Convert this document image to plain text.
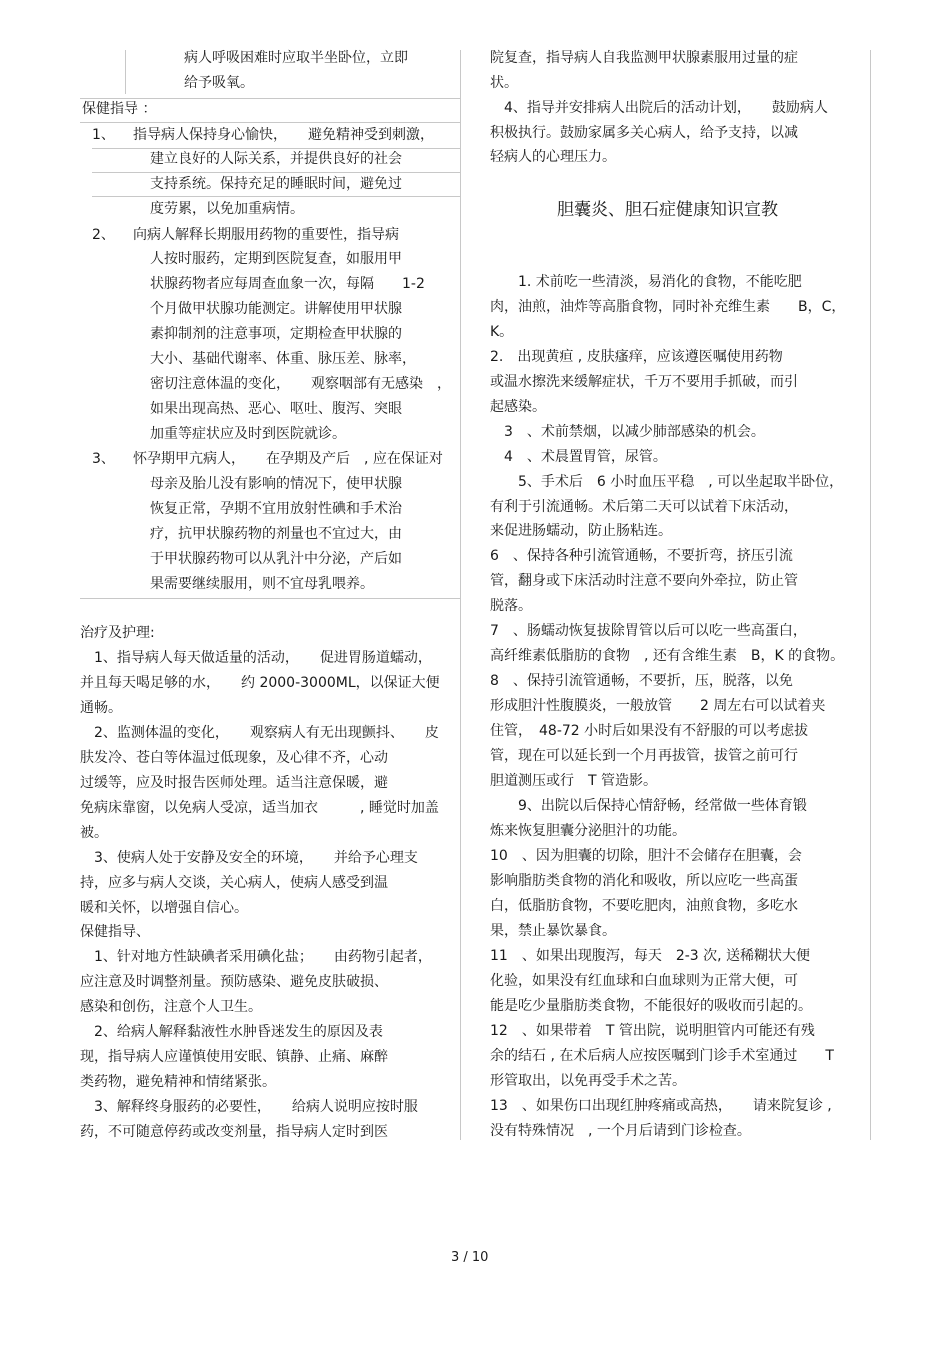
病人呼吸困难时应取半坐卧位，立即
给予吸氧。
保健指导 ：
1、 指导病人保持身心愉快，　　避免精神受到刺激，
建立良好的人际关系，并提供良好的社会
支持系统。保持充足的睡眠时间，避免过
度劳累，以免加重病情。
2、 向病人解释长期服用药物的重要性，指导病
人按时服药，定期到医院复查，如服用甲
状腺药物者应每周查血象一次，每隔　　1-2
个月做甲状腺功能测定。讲解使用甲状腺
素抑制剂的注意事项，定期检查甲状腺的
大小、基础代谢率、体重、脉压差、脉率，
密切注意体温的变化，　　观察咽部有无感染　，
如果出现高热、恶心、呕吐、腹泻、突眼
加重等症状应及时到医院就诊。
3、 怀孕期甲亢病人，　　在孕期及产后　, 应在保证对
母亲及胎儿没有影响的情况下，使甲状腺
恢复正常，孕期不宜用放射性碘和手术治
疗，抗甲状腺药物的剂量也不宜过大，由
于甲状腺药物可以从乳汁中分泌，产后如
果需要继续服用，则不宜母乳喂养。
治疗及护理:
　1、指导病人每天做适量的活动，　　促进胃肠道蠕动，
并且每天喝足够的水，　　约 2000-3000ML，以保证大便
通畅。
　2、监测体温的变化，　　观察病人有无出现颤抖、　　皮
肤发冷、苍白等体温过低现象，及心律不齐，心动
过缓等，应及时报告医师处理。适当注意保暖，避
免病床靠窗，以免病人受凉，适当加衣　　　, 睡觉时加盖
被。
　3、使病人处于安静及安全的环境，　　并给予心理支
持，应多与病人交谈，关心病人，使病人感受到温
暖和关怀，以增强自信心。
保健指导、
　1、针对地方性缺碘者采用碘化盐；　　由药物引起者，
应注意及时调整剂量。预防感染、避免皮肤破损、
感染和创伤，注意个人卫生。
　2、给病人解释黏液性水肿昏迷发生的原因及表
现，指导病人应谨慎使用安眠、镇静、止痛、麻醉
类药物，避免精神和情绪紧张。
　3、解释终身服药的必要性，　　给病人说明应按时服
药，不可随意停药或改变剂量，指导病人定时到医
院复查，指导病人自我监测甲状腺素服用过量的症
状。
　4、指导并安排病人出院后的活动计划，　　鼓励病人
积极执行。鼓励家属多关心病人，给予支持，以减
轻病人的心理压力。
胆囊炎、胆石症健康知识宣教
　　1. 术前吃一些清淡，易消化的食物，不能吃肥
肉，油煎，油炸等高脂食物，同时补充维生素　　B，C，
K。
2.　出现黄疸 , 皮肤瘙痒，应该遵医嘱使用药物
或温水擦洗来缓解症状，千万不要用手抓破，而引
起感染。
　3　、术前禁烟，以减少肺部感染的机会。
　4　、术晨置胃管，尿管。
　　5、手术后　6 小时血压平稳　, 可以坐起取半卧位，
有利于引流通畅。术后第二天可以试着下床活动，
来促进肠蠕动，防止肠粘连。
6　、保持各种引流管通畅，不要折弯，挤压引流
管，翻身或下床活动时注意不要向外牵拉，防止管
脱落。
7　、肠蠕动恢复拔除胃管以后可以吃一些高蛋白，
高纤维素低脂肪的食物　, 还有含维生素　B，K 的食物。
8　、保持引流管通畅，不要折，压，脱落，以免
形成胆汁性腹膜炎，一般放管　　2 周左右可以试着夹
住管，　48-72 小时后如果没有不舒服的可以考虑拔
管，现在可以延长到一个月再拔管，拔管之前可行
胆道测压或行　T 管造影。
　　9、出院以后保持心情舒畅，经常做一些体育锻
炼来恢复胆囊分泌胆汁的功能。
10　、因为胆囊的切除，胆汁不会储存在胆囊，会
影响脂肪类食物的消化和吸收，所以应吃一些高蛋
白，低脂肪食物，不要吃肥肉，油煎食物，多吃水
果，禁止暴饮暴食。
11　、如果出现腹泻，每天　2-3 次, 送稀糊状大便
化验，如果没有红血球和白血球则为正常大便，可
能是吃少量脂肪类食物，不能很好的吸收而引起的。
12　、如果带着　T 管出院，说明胆管内可能还有残
余的结石 , 在术后病人应按医嘱到门诊手术室通过　　T
形管取出，以免再受手术之苦。
13　、如果伤口出现红肿疼痛或高热，　　请来院复诊 ,
没有特殊情况　, 一个月后请到门诊检查。
3 / 10
